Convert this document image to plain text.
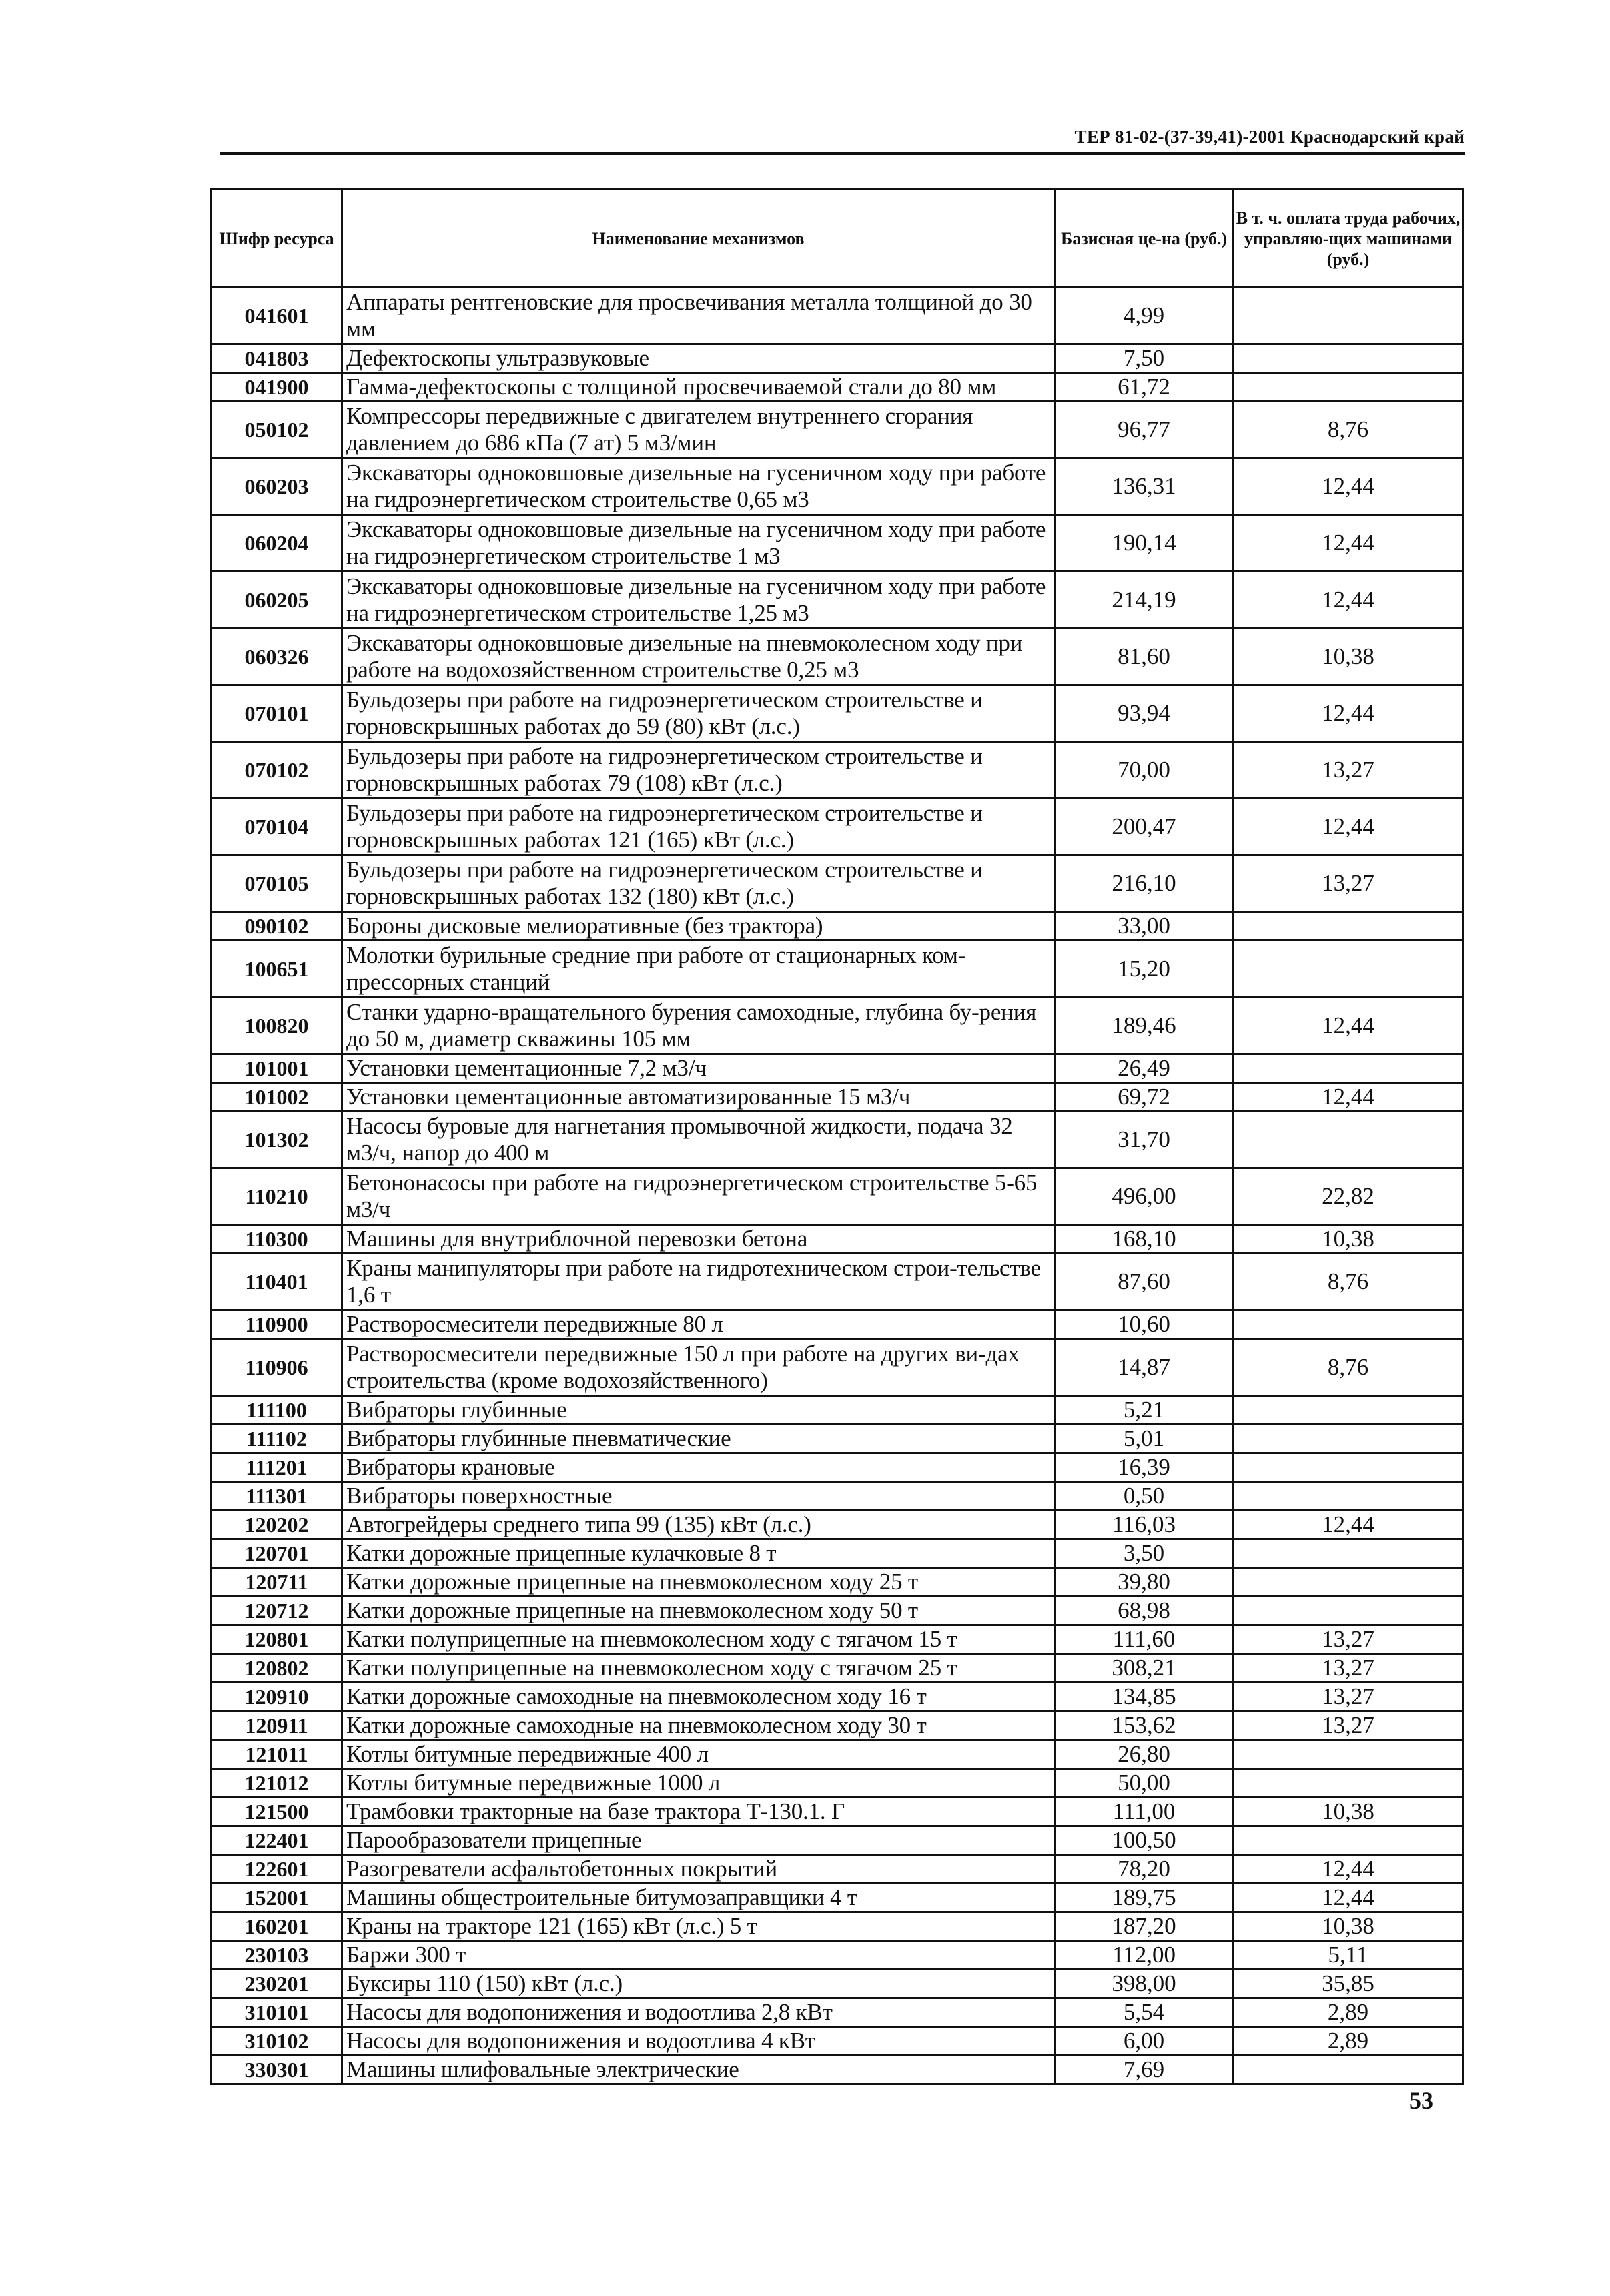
ТЕР 81-02-(37-39,41)-2001 Краснодарский край
Шифр ресурса	Наименование механизмов	Базисная це-на (руб.)	В т. ч. оплата труда рабочих, управляю-щих машинами (руб.)
041601	Аппараты рентгеновские для просвечивания металла толщиной до 30 мм	4,99	
041803	Дефектоскопы ультразвуковые	7,50	
041900	Гамма-дефектоскопы с толщиной просвечиваемой стали до 80 мм	61,72	
050102	Компрессоры передвижные с двигателем внутреннего сгорания давлением до 686 кПа (7 ат) 5 м3/мин	96,77	8,76
060203	Экскаваторы одноковшовые дизельные на гусеничном ходу при работе на гидроэнергетическом строительстве 0,65 м3	136,31	12,44
060204	Экскаваторы одноковшовые дизельные на гусеничном ходу при работе на гидроэнергетическом строительстве 1 м3	190,14	12,44
060205	Экскаваторы одноковшовые дизельные на гусеничном ходу при работе на гидроэнергетическом строительстве 1,25 м3	214,19	12,44
060326	Экскаваторы одноковшовые дизельные на пневмоколесном ходу при работе на водохозяйственном строительстве 0,25 м3	81,60	10,38
070101	Бульдозеры при работе на гидроэнергетическом строительстве и горновскрышных работах до 59 (80) кВт (л.с.)	93,94	12,44
070102	Бульдозеры при работе на гидроэнергетическом строительстве и горновскрышных работах 79 (108) кВт (л.с.)	70,00	13,27
070104	Бульдозеры при работе на гидроэнергетическом строительстве и горновскрышных работах 121 (165) кВт (л.с.)	200,47	12,44
070105	Бульдозеры при работе на гидроэнергетическом строительстве и горновскрышных работах 132 (180) кВт (л.с.)	216,10	13,27
090102	Бороны дисковые мелиоративные (без трактора)	33,00	
100651	Молотки бурильные средние при работе от стационарных ком-прессорных станций	15,20	
100820	Станки ударно-вращательного бурения самоходные, глубина бу-рения до 50 м, диаметр скважины 105 мм	189,46	12,44
101001	Установки цементационные 7,2 м3/ч	26,49	
101002	Установки цементационные автоматизированные 15 м3/ч	69,72	12,44
101302	Насосы буровые для нагнетания промывочной жидкости, подача 32 м3/ч, напор до 400 м	31,70	
110210	Бетононасосы при работе на гидроэнергетическом строительстве 5-65 м3/ч	496,00	22,82
110300	Машины для внутриблочной перевозки бетона	168,10	10,38
110401	Краны манипуляторы при работе на гидротехническом строи-тельстве 1,6 т	87,60	8,76
110900	Растворосмесители передвижные 80 л	10,60	
110906	Растворосмесители передвижные 150 л при работе на других ви-дах строительства (кроме водохозяйственного)	14,87	8,76
111100	Вибраторы глубинные	5,21	
111102	Вибраторы глубинные пневматические	5,01	
111201	Вибраторы крановые	16,39	
111301	Вибраторы поверхностные	0,50	
120202	Автогрейдеры среднего типа 99 (135) кВт (л.с.)	116,03	12,44
120701	Катки дорожные прицепные кулачковые 8 т	3,50	
120711	Катки дорожные прицепные на пневмоколесном ходу 25 т	39,80	
120712	Катки дорожные прицепные на пневмоколесном ходу 50 т	68,98	
120801	Катки полуприцепные на пневмоколесном ходу с тягачом 15 т	111,60	13,27
120802	Катки полуприцепные на пневмоколесном ходу с тягачом 25 т	308,21	13,27
120910	Катки дорожные самоходные на пневмоколесном ходу 16 т	134,85	13,27
120911	Катки дорожные самоходные на пневмоколесном ходу 30 т	153,62	13,27
121011	Котлы битумные передвижные 400 л	26,80	
121012	Котлы битумные передвижные 1000 л	50,00	
121500	Трамбовки тракторные на базе трактора Т-130.1. Г	111,00	10,38
122401	Парообразователи прицепные	100,50	
122601	Разогреватели асфальтобетонных покрытий	78,20	12,44
152001	Машины общестроительные битумозаправщики 4 т	189,75	12,44
160201	Краны на тракторе 121 (165) кВт (л.с.) 5 т	187,20	10,38
230103	Баржи 300 т	112,00	5,11
230201	Буксиры 110 (150) кВт (л.с.)	398,00	35,85
310101	Насосы для водопонижения и водоотлива 2,8 кВт	5,54	2,89
310102	Насосы для водопонижения и водоотлива 4 кВт	6,00	2,89
330301	Машины шлифовальные электрические	7,69	
53
